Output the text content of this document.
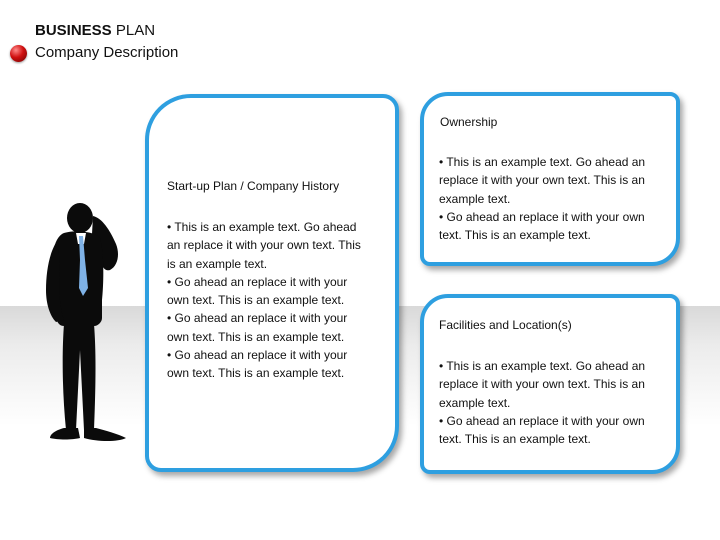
BUSINESS PLAN
Company Description
Start-up Plan / Company History
• This is an example text. Go ahead an replace it with your own text. This is an example text.
• Go ahead an replace it with your own text. This is an example text.
• Go ahead an replace it with your own text. This is an example text.
• Go ahead an replace it with your own text. This is an example text.
Ownership
• This is an example text. Go ahead an replace it with your own text. This is an example text.
• Go ahead an replace it with your own text. This is an example text.
Facilities and Location(s)
• This is an example text. Go ahead an replace it with your own text. This is an example text.
• Go ahead an replace it with your own text. This is an example text.
